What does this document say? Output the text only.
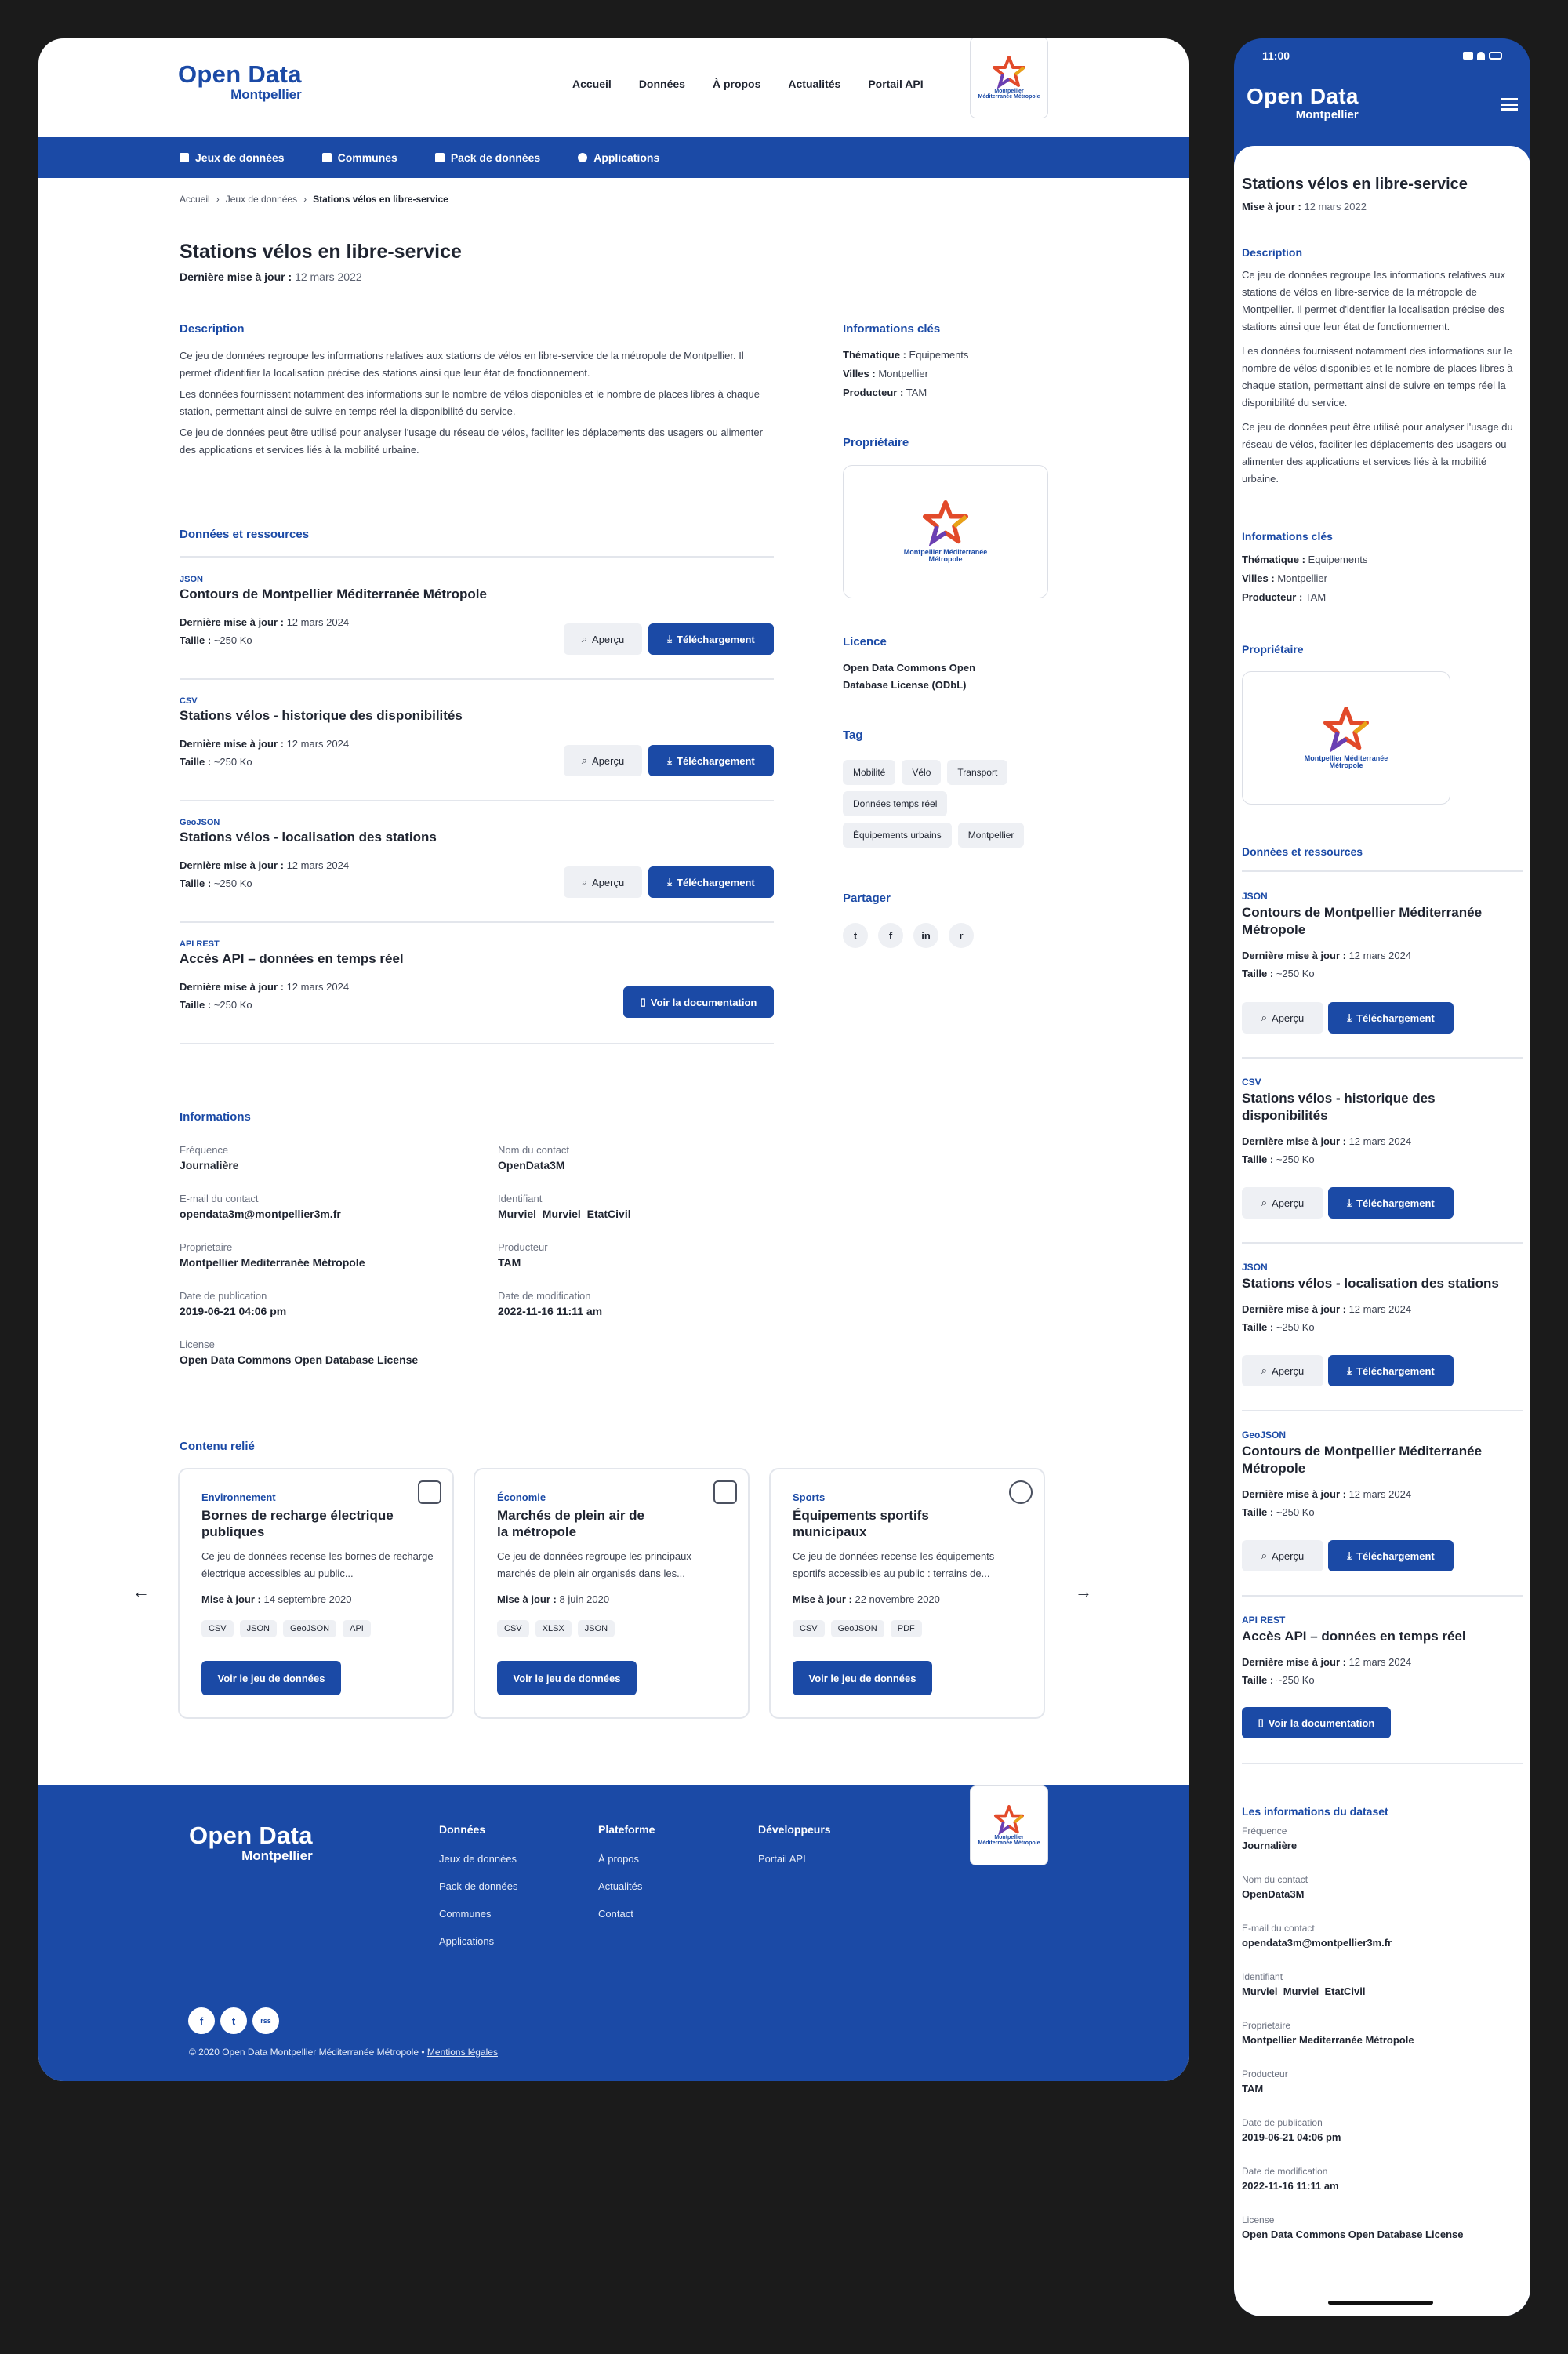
Open Data
Montpellier
Accueil	Données	À propos	Actualités	Portail API
Montpellier Méditerranée Métropole
Jeux de données	Communes	Pack de données	Applications
Accueil › Jeux de données › Stations vélos en libre-service
Stations vélos en libre-service
Dernière mise à jour : 12 mars 2022
Description

Ce jeu de données regroupe les informations relatives aux stations de vélos en libre-service de la métropole de Montpellier. Il permet d'identifier la localisation précise des stations ainsi que leur état de fonctionnement.

Les données fournissent notamment des informations sur le nombre de vélos disponibles et le nombre de places libres à chaque station, permettant ainsi de suivre en temps réel la disponibilité du service.

Ce jeu de données peut être utilisé pour analyser l'usage du réseau de vélos, faciliter les déplacements des usagers ou alimenter des applications et services liés à la mobilité urbaine.

Données et ressources
JSON
Contours de Montpellier Méditerranée Métropole
Dernière mise à jour : 12 mars 2024
Taille : ~250 Ko	⌕ Aperçu	⤓ Téléchargement
CSV
Stations vélos - historique des disponibilités
Dernière mise à jour : 12 mars 2024
Taille : ~250 Ko	⌕ Aperçu	⤓ Téléchargement
GeoJSON
Stations vélos - localisation des stations
Dernière mise à jour : 12 mars 2024
Taille : ~250 Ko	⌕ Aperçu	⤓ Téléchargement
API REST
Accès API – données en temps réel
Dernière mise à jour : 12 mars 2024
Taille : ~250 Ko	▯ Voir la documentation
Informations clés
Thématique : Equipements
Villes : Montpellier
Producteur : TAM
Propriétaire
Montpellier Méditerranée Métropole
Licence
Open Data Commons Open Database License (ODbL)
Tag
Mobilité	Vélo	Transport
Données temps réel
Équipements urbains	Montpellier
Partager
t	f	in	r
Informations
Fréquence
Journalière
Nom du contact
OpenData3M
E-mail du contact
opendata3m@montpellier3m.fr
Identifiant
Murviel_Murviel_EtatCivil
Proprietaire
Montpellier Mediterranée Métropole
Producteur
TAM
Date de publication
2019-06-21 04:06 pm
Date de modification
2022-11-16 11:11 am
License
Open Data Commons Open Database License
Contenu relié
←	→
Environnement
Bornes de recharge électrique publiques
Ce jeu de données recense les bornes de recharge électrique accessibles au public...
Mise à jour : 14 septembre 2020
CSV	JSON	GeoJSON	API
Voir le jeu de données
Économie
Marchés de plein air de la métropole
Ce jeu de données regroupe les principaux marchés de plein air organisés dans les...
Mise à jour : 8 juin 2020
CSV	XLSX	JSON
Voir le jeu de données
Sports
Équipements sportifs municipaux
Ce jeu de données recense les équipements sportifs accessibles au public : terrains de...
Mise à jour : 22 novembre 2020
CSV	GeoJSON	PDF
Voir le jeu de données
Open Data
Montpellier
Données
Jeux de données
Pack de données
Communes
Applications
Plateforme
À propos
Actualités
Contact
Développeurs
Portail API
Montpellier Méditerranée Métropole
© 2020 Open Data Montpellier Méditerranée Métropole • Mentions légales
f	t	rss
11:00
Open Data
Montpellier
Stations vélos en libre-service
Mise à jour : 12 mars 2022
Description

Ce jeu de données regroupe les informations relatives aux stations de vélos en libre-service de la métropole de Montpellier. Il permet d'identifier la localisation précise des stations ainsi que leur état de fonctionnement.

Les données fournissent notamment des informations sur le nombre de vélos disponibles et le nombre de places libres à chaque station, permettant ainsi de suivre en temps réel la disponibilité du service.

Ce jeu de données peut être utilisé pour analyser l'usage du réseau de vélos, faciliter les déplacements des usagers ou alimenter des applications et services liés à la mobilité urbaine.

Informations clés
Thématique : Equipements
Villes : Montpellier
Producteur : TAM
Propriétaire
Montpellier Méditerranée Métropole
Données et ressources
JSON
Contours de Montpellier Méditerranée Métropole
Dernière mise à jour : 12 mars 2024
Taille : ~250 Ko
⌕ Aperçu	⤓ Téléchargement
CSV
Stations vélos - historique des disponibilités
Dernière mise à jour : 12 mars 2024
Taille : ~250 Ko
⌕ Aperçu	⤓ Téléchargement
JSON
Stations vélos - localisation des stations
Dernière mise à jour : 12 mars 2024
Taille : ~250 Ko
⌕ Aperçu	⤓ Téléchargement
GeoJSON
Contours de Montpellier Méditerranée Métropole
Dernière mise à jour : 12 mars 2024
Taille : ~250 Ko
⌕ Aperçu	⤓ Téléchargement
API REST
Accès API – données en temps réel
Dernière mise à jour : 12 mars 2024
Taille : ~250 Ko
▯ Voir la documentation
Les informations du dataset
Fréquence
Journalière
Nom du contact
OpenData3M
E-mail du contact
opendata3m@montpellier3m.fr
Identifiant
Murviel_Murviel_EtatCivil
Proprietaire
Montpellier Mediterranée Métropole
Producteur
TAM
Date de publication
2019-06-21 04:06 pm
Date de modification
2022-11-16 11:11 am
License
Open Data Commons Open Database License
